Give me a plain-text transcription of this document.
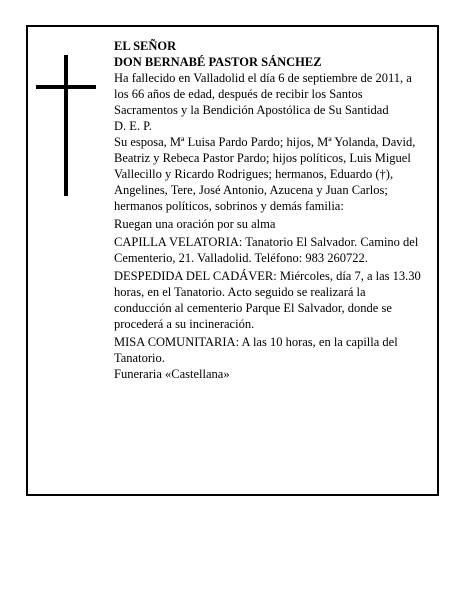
EL SEÑOR

DON BERNABÉ PASTOR SÁNCHEZ

Ha fallecido en Valladolid el día 6 de septiembre de 2011, a los 66 años de edad, después de recibir los Santos Sacramentos y la Bendición Apostólica de Su Santidad

D. E. P.

Su esposa, Mª Luisa Pardo Pardo; hijos, Mª Yolanda, David, Beatriz y Rebeca Pastor Pardo; hijos políticos, Luis Miguel Vallecillo y Ricardo Rodrigues; hermanos, Eduardo (†), Angelines, Tere, José Antonio, Azucena y Juan Carlos; hermanos políticos, sobrinos y demás familia:

Ruegan una oración por su alma

CAPILLA VELATORIA: Tanatorio El Salvador. Camino del Cementerio, 21. Valladolid. Teléfono: 983 260722.

DESPEDIDA DEL CADÁVER: Miércoles, día 7, a las 13.30 horas, en el Tanatorio. Acto seguido se realizará la conducción al cementerio Parque El Salvador, donde se procederá a su incineración.

MISA COMUNITARIA: A las 10 horas, en la capilla del Tanatorio.

Funeraria «Castellana»
